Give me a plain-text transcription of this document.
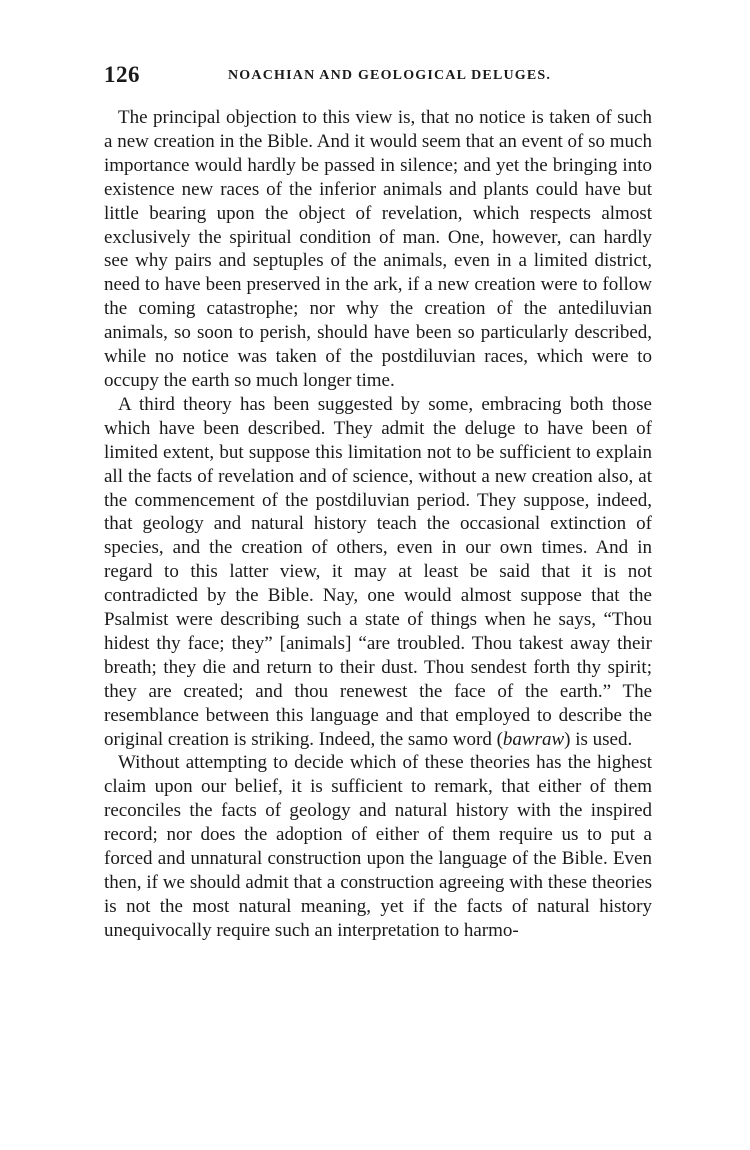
126	NOACHIAN AND GEOLOGICAL DELUGES.

The principal objection to this view is, that no notice is taken of such a new creation in the Bible. And it would seem that an event of so much importance would hardly be passed in silence; and yet the bringing into existence new races of the inferior animals and plants could have but little bearing upon the object of revelation, which respects almost exclusively the spiritual condition of man. One, however, can hardly see why pairs and septuples of the animals, even in a limited district, need to have been preserved in the ark, if a new creation were to follow the coming catastrophe; nor why the creation of the antediluvian animals, so soon to perish, should have been so particularly described, while no notice was taken of the postdiluvian races, which were to occupy the earth so much longer time.

A third theory has been suggested by some, embracing both those which have been described. They admit the deluge to have been of limited extent, but suppose this limitation not to be sufficient to explain all the facts of revelation and of science, without a new creation also, at the commencement of the postdiluvian period. They suppose, indeed, that geology and natural history teach the occasional extinction of species, and the creation of others, even in our own times. And in regard to this latter view, it may at least be said that it is not contradicted by the Bible. Nay, one would almost suppose that the Psalmist were describing such a state of things when he says, “Thou hidest thy face; they” [animals] “are troubled. Thou takest away their breath; they die and return to their dust. Thou sendest forth thy spirit; they are created; and thou renewest the face of the earth.” The resemblance between this language and that employed to describe the original creation is striking. Indeed, the samo word (bawraw) is used.

Without attempting to decide which of these theories has the highest claim upon our belief, it is sufficient to remark, that either of them reconciles the facts of geology and natural history with the inspired record; nor does the adoption of either of them require us to put a forced and unnatural construction upon the language of the Bible. Even then, if we should admit that a construction agreeing with these theories is not the most natural meaning, yet if the facts of natural history unequivocally require such an interpretation to harmo-
